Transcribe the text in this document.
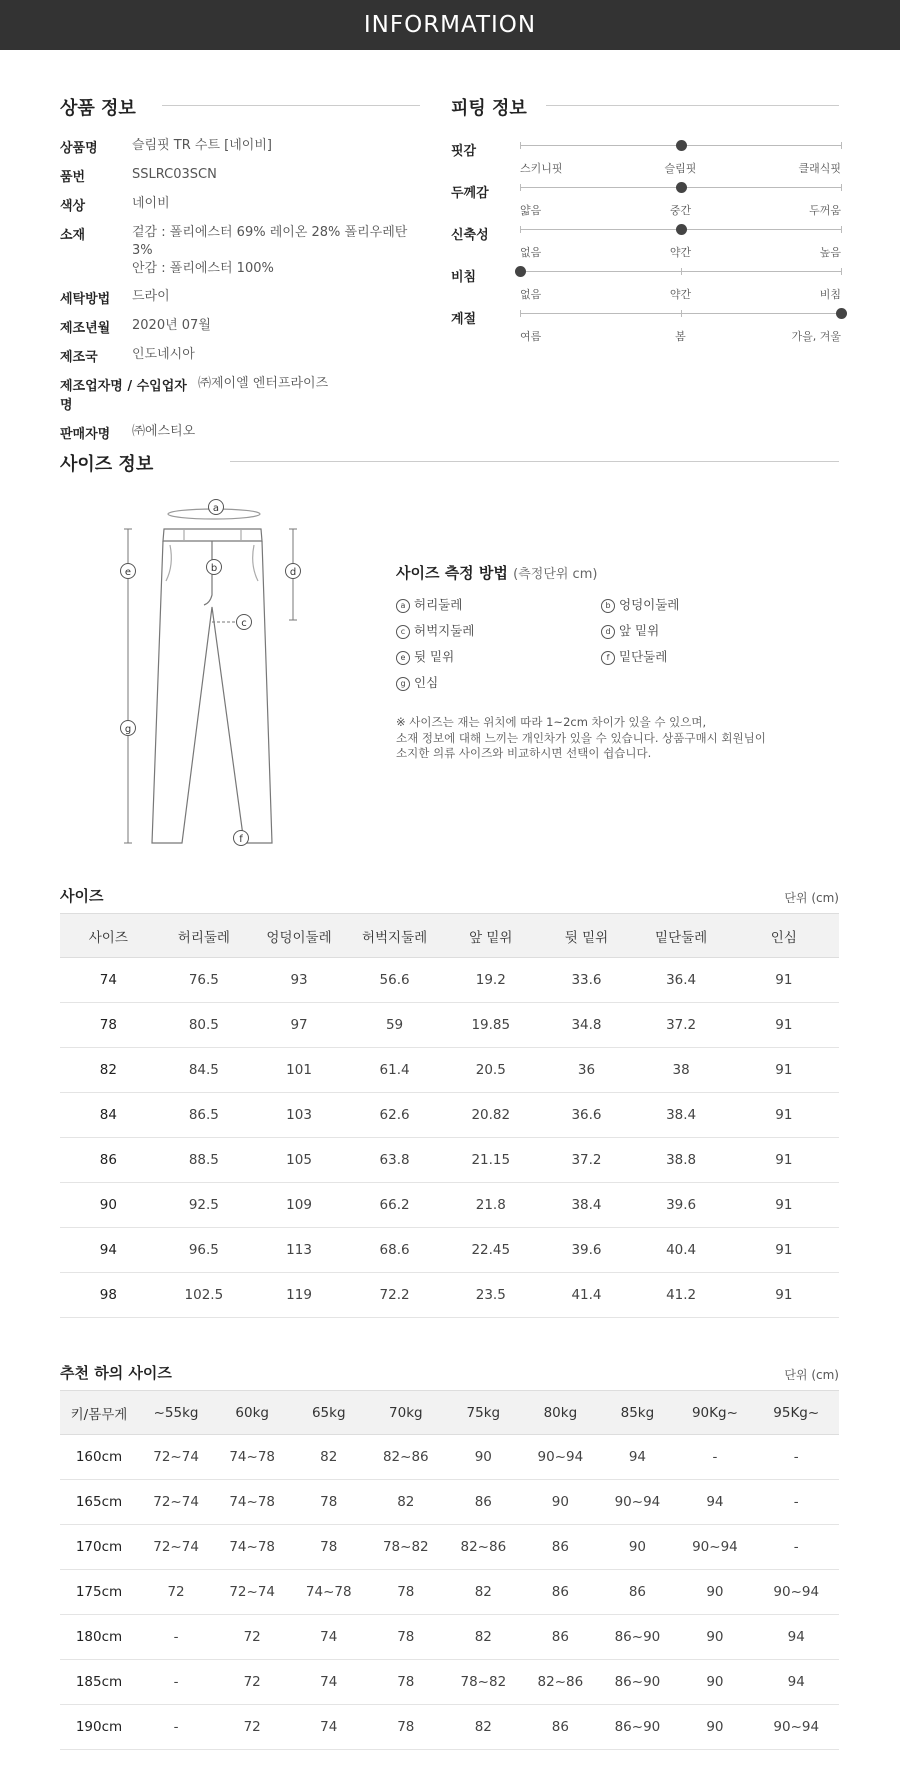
INFORMATION
상품 정보
상품명	슬림핏 TR 수트 [네이비]
품번	SSLRC03SCN
색상	네이비
소재	겉감 : 폴리에스터 69% 레이온 28% 폴리우레탄 3%
안감 : 폴리에스터 100%
세탁방법	드라이
제조년월	2020년 07월
제조국	인도네시아
제조업자명 / 수입업자명
㈜제이엘 엔터프라이즈
판매자명	㈜에스티오
피팅 정보
핏감
스키니핏	슬림핏	클래식핏
두께감
얇음	중간	두꺼움
신축성
없음	약간	높음
비침
없음	약간	비침
계절
여름	봄	가을, 겨울
사이즈 정보
a
b
c
d
e
f
g
사이즈 측정 방법 (측정단위 cm)
a 허리둘레	b 엉덩이둘레
c 허벅지둘레	d 앞 밑위
e 뒷 밑위	f 밑단둘레
g 인심
※ 사이즈는 재는 위치에 따라 1~2cm 차이가 있을 수 있으며,
소재 정보에 대해 느끼는 개인차가 있을 수 있습니다. 상품구매시 회원님이
소지한 의류 사이즈와 비교하시면 선택이 쉽습니다.
사이즈	단위 (cm)
사이즈	허리둘레	엉덩이둘레	허벅지둘레	앞 밑위	뒷 밑위	밑단둘레	인심
74	76.5	93	56.6	19.2	33.6	36.4	91
78	80.5	97	59	19.85	34.8	37.2	91
82	84.5	101	61.4	20.5	36	38	91
84	86.5	103	62.6	20.82	36.6	38.4	91
86	88.5	105	63.8	21.15	37.2	38.8	91
90	92.5	109	66.2	21.8	38.4	39.6	91
94	96.5	113	68.6	22.45	39.6	40.4	91
98	102.5	119	72.2	23.5	41.4	41.2	91
추천 하의 사이즈	단위 (cm)
키/몸무게	~55kg	60kg	65kg	70kg	75kg	80kg	85kg	90Kg~	95Kg~
160cm	72~74	74~78	82	82~86	90	90~94	94	-	-
165cm	72~74	74~78	78	82	86	90	90~94	94	-
170cm	72~74	74~78	78	78~82	82~86	86	90	90~94	-
175cm	72	72~74	74~78	78	82	86	86	90	90~94
180cm	-	72	74	78	82	86	86~90	90	94
185cm	-	72	74	78	78~82	82~86	86~90	90	94
190cm	-	72	74	78	82	86	86~90	90	90~94
